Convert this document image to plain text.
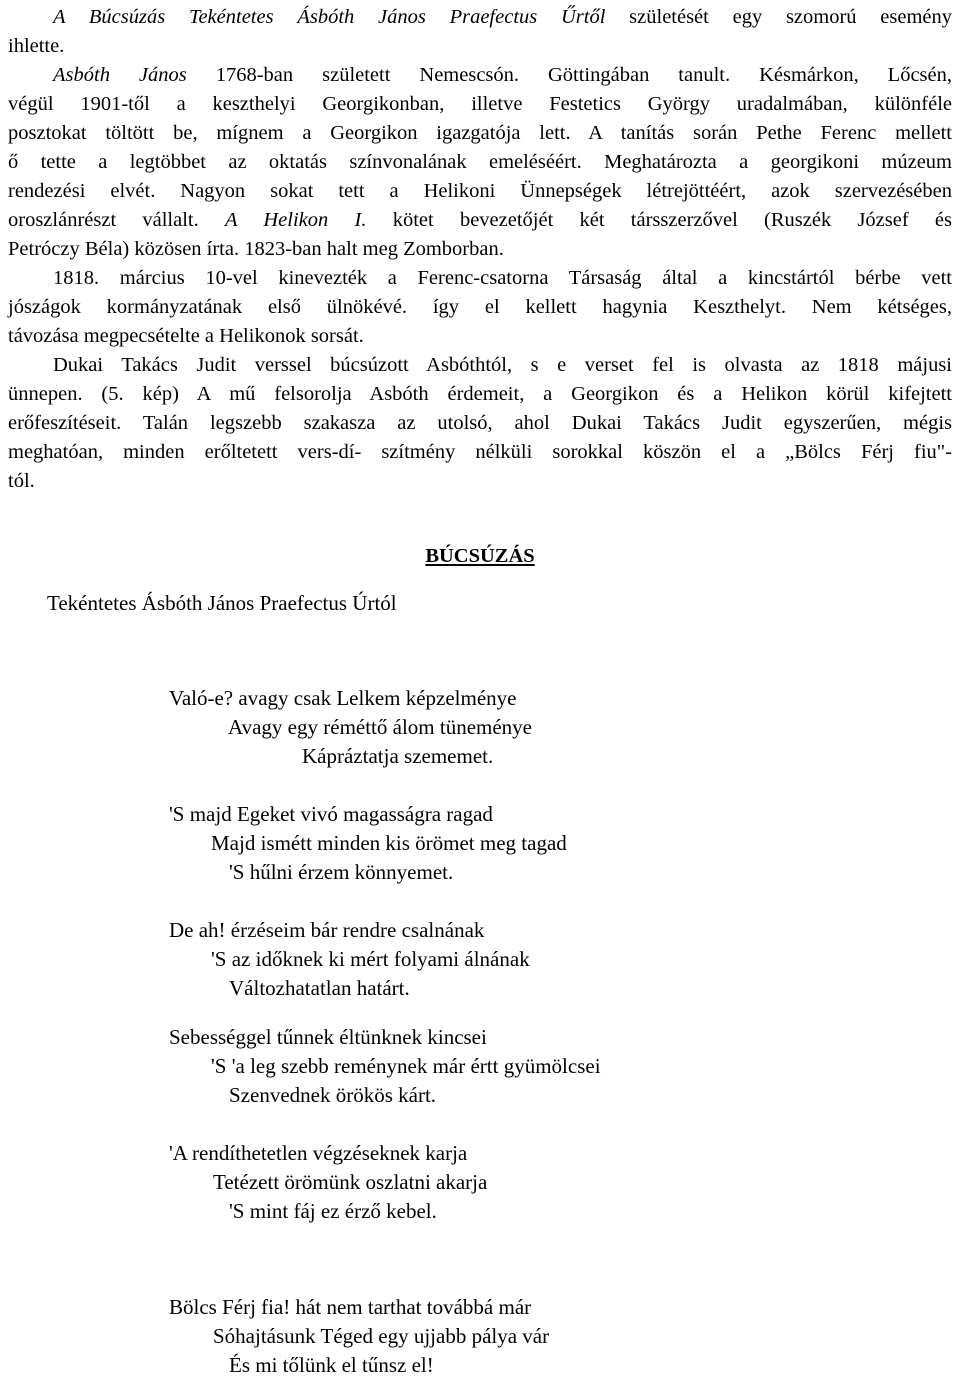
A Búcsúzás Tekéntetes Ásbóth János Praefectus Űrtől születését egy szomorú esemény
ihlette.
Asbóth János 1768-ban született Nemescsón. Göttingában tanult. Késmárkon, Lőcsén,
végül 1901-től a keszthelyi Georgikonban, illetve Festetics György uradalmában, különféle
posztokat töltött be, mígnem a Georgikon igazgatója lett. A tanítás során Pethe Ferenc mellett
ő tette a legtöbbet az oktatás színvonalának emeléséért. Meghatározta a georgikoni múzeum
rendezési elvét. Nagyon sokat tett a Helikoni Ünnepségek létrejöttéért, azok szervezésében
oroszlánrészt vállalt. A Helikon I. kötet bevezetőjét két társszerzővel (Ruszék József és
Petróczy Béla) közösen írta. 1823-ban halt meg Zomborban.
1818. március 10-vel kinevezték a Ferenc-csatorna Társaság által a kincstártól bérbe vett
jószágok kormányzatának első ülnökévé. így el kellett hagynia Keszthelyt. Nem kétséges,
távozása megpecsételte a Helikonok sorsát.
Dukai Takács Judit verssel búcsúzott Asbóthtól, s e verset fel is olvasta az 1818 májusi
ünnepen. (5. kép) A mű felsorolja Asbóth érdemeit, a Georgikon és a Helikon körül kifejtett
erőfeszítéseit. Talán legszebb szakasza az utolsó, ahol Dukai Takács Judit egyszerűen, mégis
meghatóan, minden erőltetett vers-dí- szítmény nélküli sorokkal köszön el a „Bölcs Férj fiu"-
tól.
BÚCSÚZÁS
Tekéntetes Ásbóth János Praefectus Úrtól
Való-e? avagy csak Lelkem képzelménye
Avagy egy réméttő álom tüneménye
Kápráztatja szememet.
'S majd Egeket vivó magasságra ragad
Majd ismétt minden kis örömet meg tagad
'S hűlni érzem könnyemet.
De ah! érzéseim bár rendre csalnának
'S az időknek ki mért folyami álnának
Változhatatlan határt.
Sebességgel tűnnek éltünknek kincsei
'S 'a leg szebb reménynek már értt gyümölcsei
Szenvednek örökös kárt.
'A rendíthetetlen végzéseknek karja
Tetézett örömünk oszlatni akarja
'S mint fáj ez érző kebel.
Bölcs Férj fia! hát nem tarthat továbbá már
Sóhajtásunk Téged egy ujjabb pálya vár
És mi tőlünk el tűnsz el!
